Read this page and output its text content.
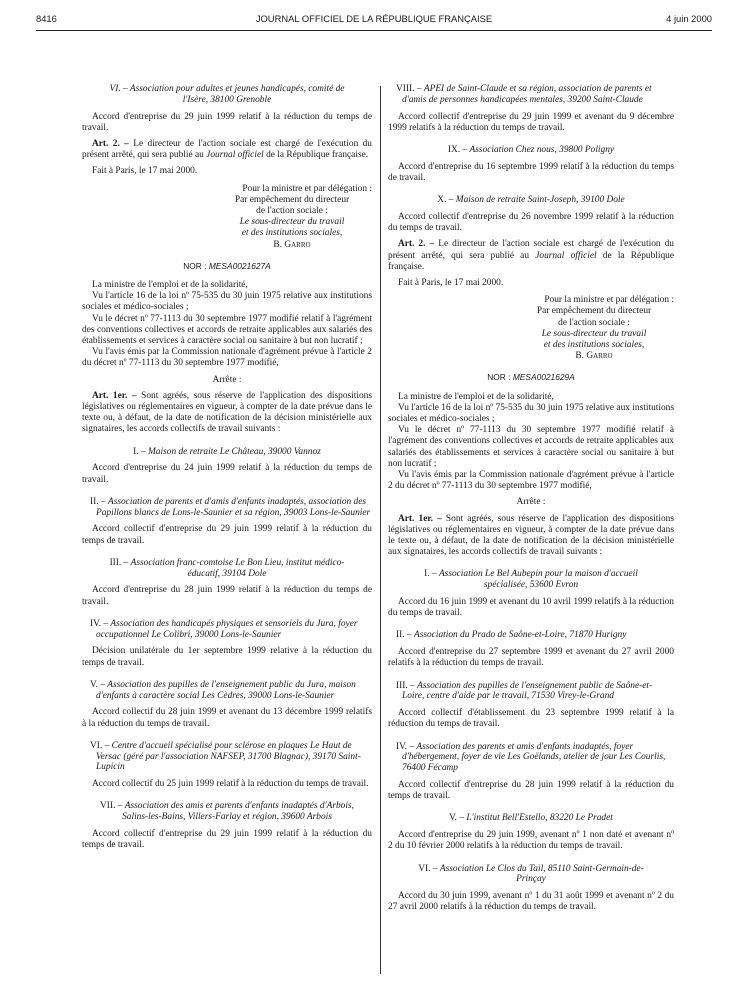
8416	JOURNAL OFFICIEL DE LA RÉPUBLIQUE FRANÇAISE	4 juin 2000
VI. – Association pour adultes et jeunes handicapés, comité de l'Isère, 38100 Grenoble

Accord d'entreprise du 29 juin 1999 relatif à la réduction du temps de travail.

Art. 2. – Le directeur de l'action sociale est chargé de l'exécution du présent arrêté, qui sera publié au Journal officiel de la République française.

Fait à Paris, le 17 mai 2000.

Pour la ministre et par délégation :
Par empêchement du directeur
de l'action sociale :
Le sous-directeur du travail
et des institutions sociales,
B. Garro
NOR : MESA0021627A

La ministre de l'emploi et de la solidarité,

Vu l'article 16 de la loi nº 75-535 du 30 juin 1975 relative aux institutions sociales et médico-sociales ;

Vu le décret nº 77-1113 du 30 septembre 1977 modifié relatif à l'agrément des conventions collectives et accords de retraite applicables aux salariés des établissements et services à caractère social ou sanitaire à but non lucratif ;

Vu l'avis émis par la Commission nationale d'agrément prévue à l'article 2 du décret nº 77-1113 du 30 septembre 1977 modifié,

Arrête :

Art. 1er. – Sont agréés, sous réserve de l'application des dispositions législatives ou réglementaires en vigueur, à compter de la date prévue dans le texte ou, à défaut, de la date de notification de la décision ministérielle aux signataires, les accords collectifs de travail suivants :

I. – Maison de retraite Le Château, 39000 Vannoz

Accord d'entreprise du 24 juin 1999 relatif à la réduction du temps de travail.

II. – Association de parents et d'amis d'enfants inadaptés, association des Papillons blancs de Lons-le-Saunier et sa région, 39003 Lons-le-Saunier

Accord collectif d'entreprise du 29 juin 1999 relatif à la réduction du temps de travail.

III. – Association franc-comtoise Le Bon Lieu, institut médico-éducatif, 39104 Dole

Accord d'entreprise du 28 juin 1999 relatif à la réduction du temps de travail.

IV. – Association des handicapés physiques et sensoriels du Jura, foyer occupationnel Le Colibri, 39000 Lons-le-Saunier

Décision unilatérale du 1er septembre 1999 relative à la réduction du temps de travail.

V. – Association des pupilles de l'enseignement public du Jura, maison d'enfants à caractère social Les Cèdres, 39000 Lons-le-Saunier

Accord collectif du 28 juin 1999 et avenant du 13 décembre 1999 relatifs à la réduction du temps de travail.

VI. – Centre d'accueil spécialisé pour sclérose en plaques Le Haut de Versac (géré par l'association NAFSEP, 31700 Blagnac), 39170 Saint-Lupicin

Accord collectif du 25 juin 1999 relatif à la réduction du temps de travail.

VII. – Association des amis et parents d'enfants inadaptés d'Arbois, Salins-les-Bains, Villers-Farlay et région, 39600 Arbois

Accord collectif d'entreprise du 29 juin 1999 relatif à la réduction du temps de travail.

VIII. – APEI de Saint-Claude et sa région, association de parents et d'amis de personnes handicapées mentales, 39200 Saint-Claude

Accord collectif d'entreprise du 29 juin 1999 et avenant du 9 décembre 1999 relatifs à la réduction du temps de travail.

IX. – Association Chez nous, 39800 Poligny

Accord d'entreprise du 16 septembre 1999 relatif à la réduction du temps de travail.

X. – Maison de retraite Saint-Joseph, 39100 Dole

Accord collectif d'entreprise du 26 novembre 1999 relatif à la réduction du temps de travail.

Art. 2. – Le directeur de l'action sociale est chargé de l'exécution du présent arrêté, qui sera publié au Journal officiel de la République française.

Fait à Paris, le 17 mai 2000.

Pour la ministre et par délégation :
Par empêchement du directeur
de l'action sociale :
Le sous-directeur du travail
et des institutions sociales,
B. Garro
NOR : MESA0021629A

La ministre de l'emploi et de la solidarité,

Vu l'article 16 de la loi nº 75-535 du 30 juin 1975 relative aux institutions sociales et médico-sociales ;

Vu le décret nº 77-1113 du 30 septembre 1977 modifié relatif à l'agrément des conventions collectives et accords de retraite applicables aux salariés des établissements et services à caractère social ou sanitaire à but non lucratif ;

Vu l'avis émis par la Commission nationale d'agrément prévue à l'article 2 du décret nº 77-1113 du 30 septembre 1977 modifié,

Arrête :

Art. 1er. – Sont agréés, sous réserve de l'application des dispositions législatives ou réglementaires en vigueur, à compter de la date prévue dans le texte ou, à défaut, de la date de notification de la décision ministérielle aux signataires, les accords collectifs de travail suivants :

I. – Association Le Bel Aubepin pour la maison d'accueil spécialisée, 53600 Evron

Accord du 16 juin 1999 et avenant du 10 avril 1999 relatifs à la réduction du temps de travail.

II. – Association du Prado de Saône-et-Loire, 71870 Hurigny

Accord d'entreprise du 27 septembre 1999 et avenant du 27 avril 2000 relatifs à la réduction du temps de travail.

III. – Association des pupilles de l'enseignement public de Saône-et-Loire, centre d'aide par le travail, 71530 Virey-le-Grand

Accord collectif d'établissement du 23 septembre 1999 relatif à la réduction du temps de travail.

IV. – Association des parents et amis d'enfants inadaptés, foyer d'hébergement, foyer de vie Les Goëlands, atelier de jour Les Courlis, 76400 Fécamp

Accord collectif d'entreprise du 28 juin 1999 relatif à la réduction du temps de travail.

V. – L'institut Bell'Estello, 83220 Le Pradet

Accord d'entreprise du 29 juin 1999, avenant nº 1 non daté et avenant nº 2 du 10 février 2000 relatifs à la réduction du temps de travail.

VI. – Association Le Clos du Tail, 85110 Saint-Germain-de-Prinçay

Accord du 30 juin 1999, avenant nº 1 du 31 août 1999 et avenant nº 2 du 27 avril 2000 relatifs à la réduction du temps de travail.
